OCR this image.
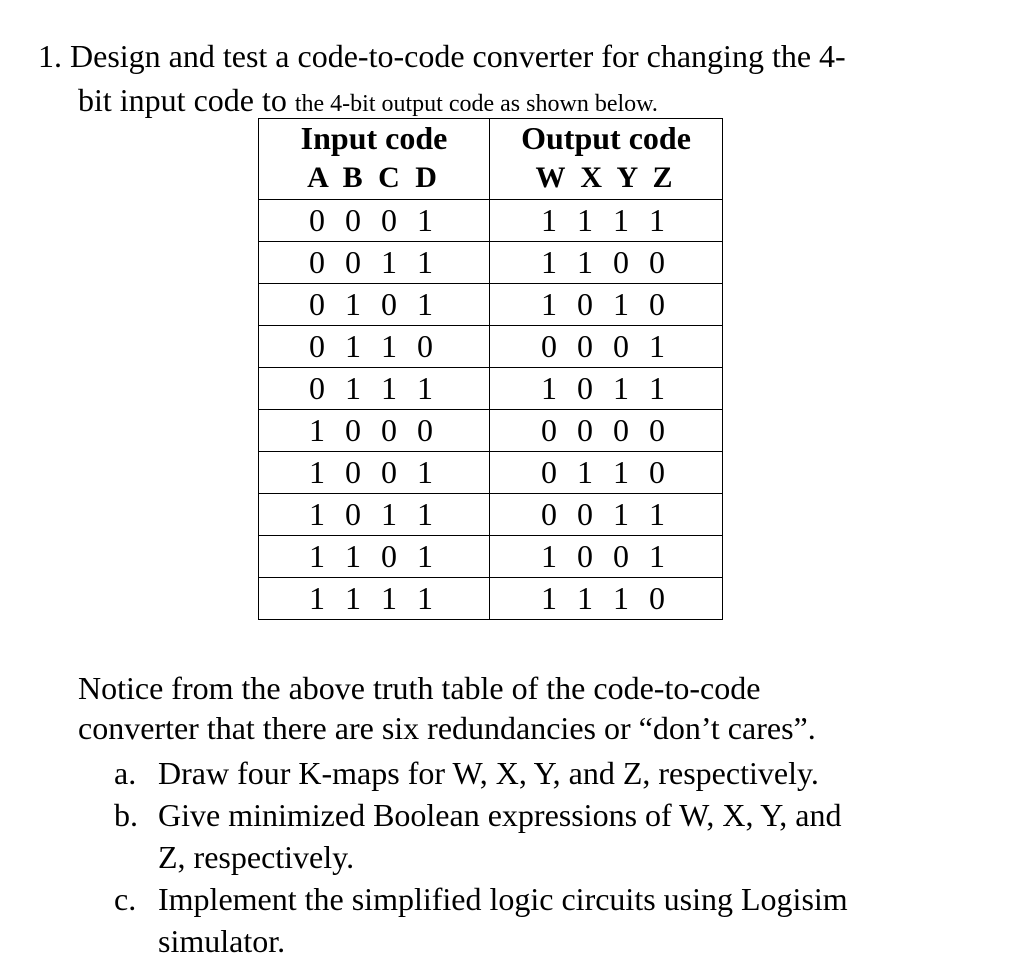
1. Design and test a code-to-code converter for changing the 4-
bit input code to the 4-bit output code as shown below.
Input code	Output code
A B C D	W X Y Z
0 0 0 1	1 1 1 1
0 0 1 1	1 1 0 0
0 1 0 1	1 0 1 0
0 1 1 0	0 0 0 1
0 1 1 1	1 0 1 1
1 0 0 0	0 0 0 0
1 0 0 1	0 1 1 0
1 0 1 1	0 0 1 1
1 1 0 1	1 0 0 1
1 1 1 1	1 1 1 0
Notice from the above truth table of the code-to-code
converter that there are six redundancies or “don’t cares”.
a. Draw four K-maps for W, X, Y, and Z, respectively.
b. Give minimized Boolean expressions of W, X, Y, and
Z, respectively.
c. Implement the simplified logic circuits using Logisim
simulator.
